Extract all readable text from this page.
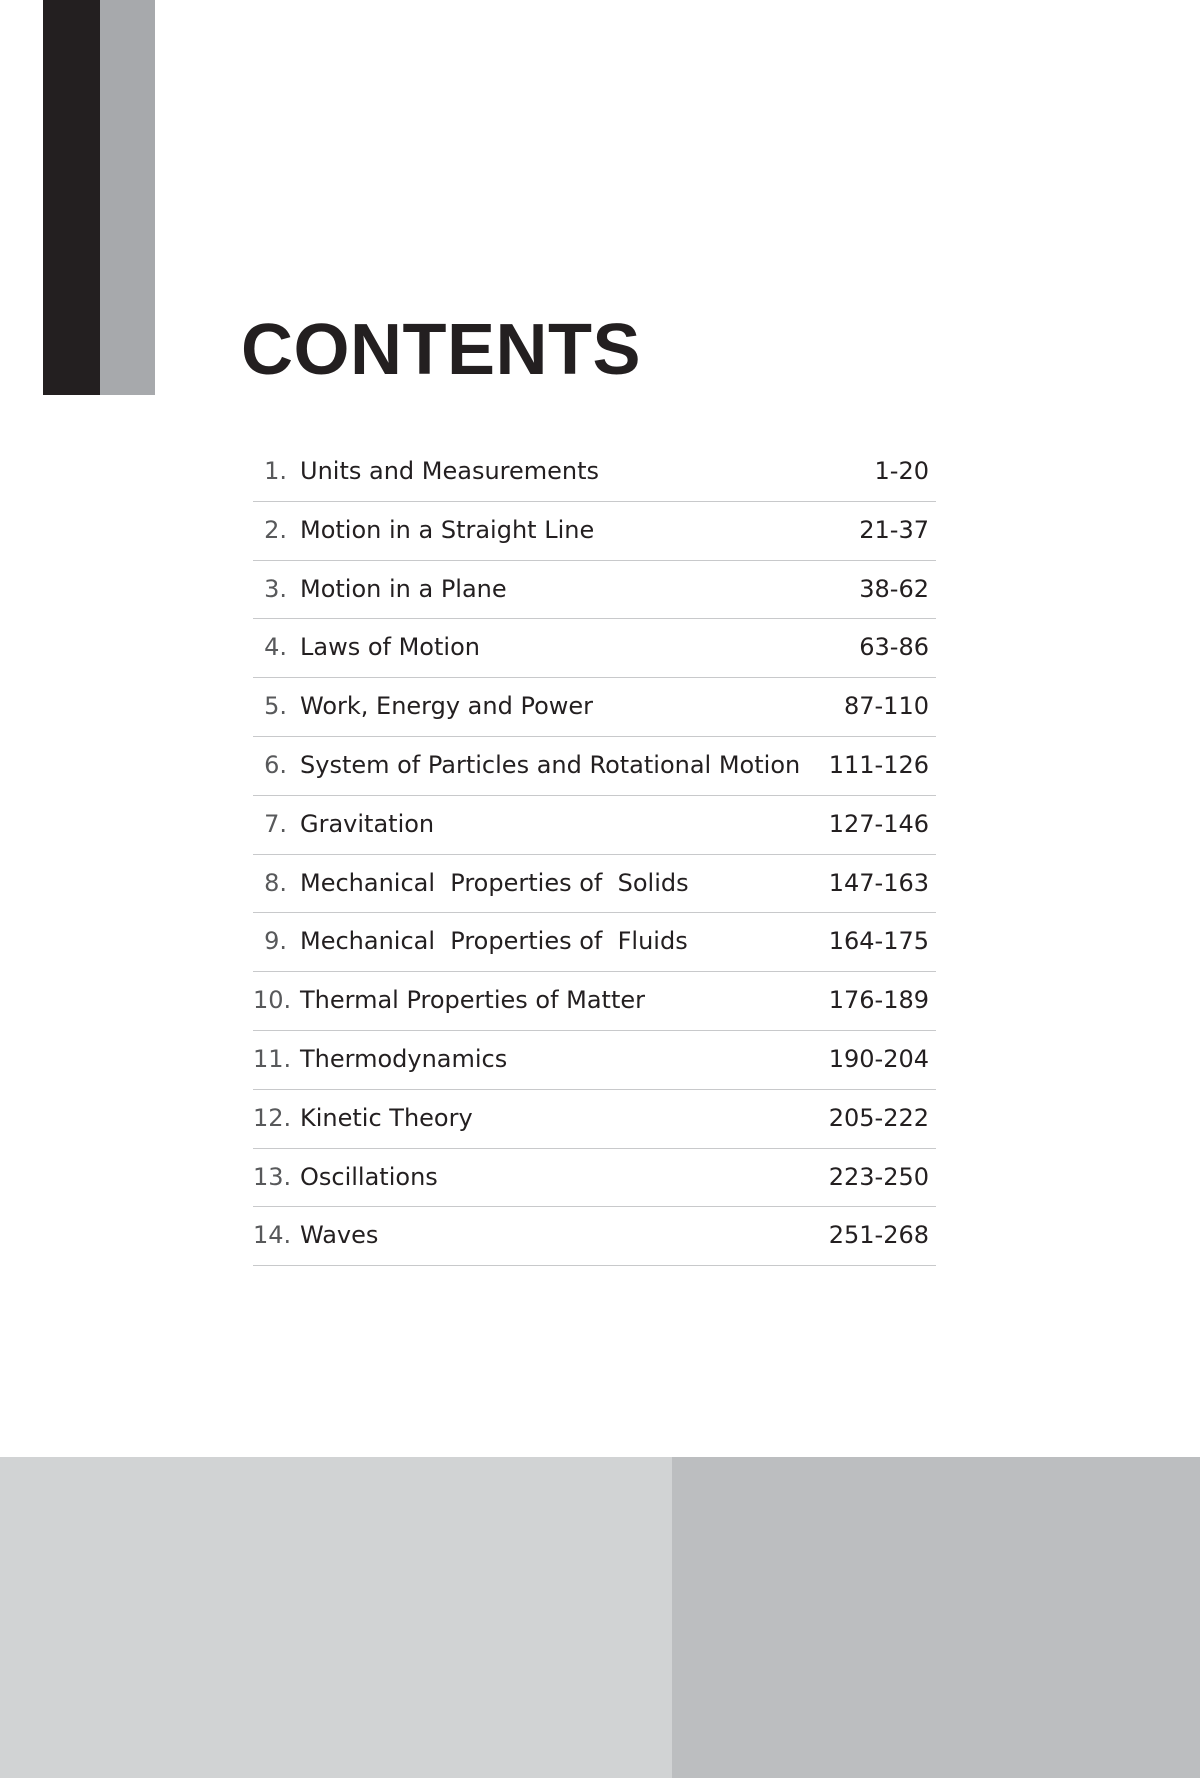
CONTENTS
1. Units and Measurements	1-20
2. Motion in a Straight Line	21-37
3. Motion in a Plane	38-62
4. Laws of Motion	63-86
5. Work, Energy and Power	87-110
6. System of Particles and Rotational Motion 111-126
7. Gravitation	127-146
8. Mechanical  Properties of  Solids	147-163
9. Mechanical  Properties of  Fluids	164-175
10. Thermal Properties of Matter	176-189
11. Thermodynamics	190-204
12. Kinetic Theory	205-222
13. Oscillations	223-250
14. Waves	251-268
